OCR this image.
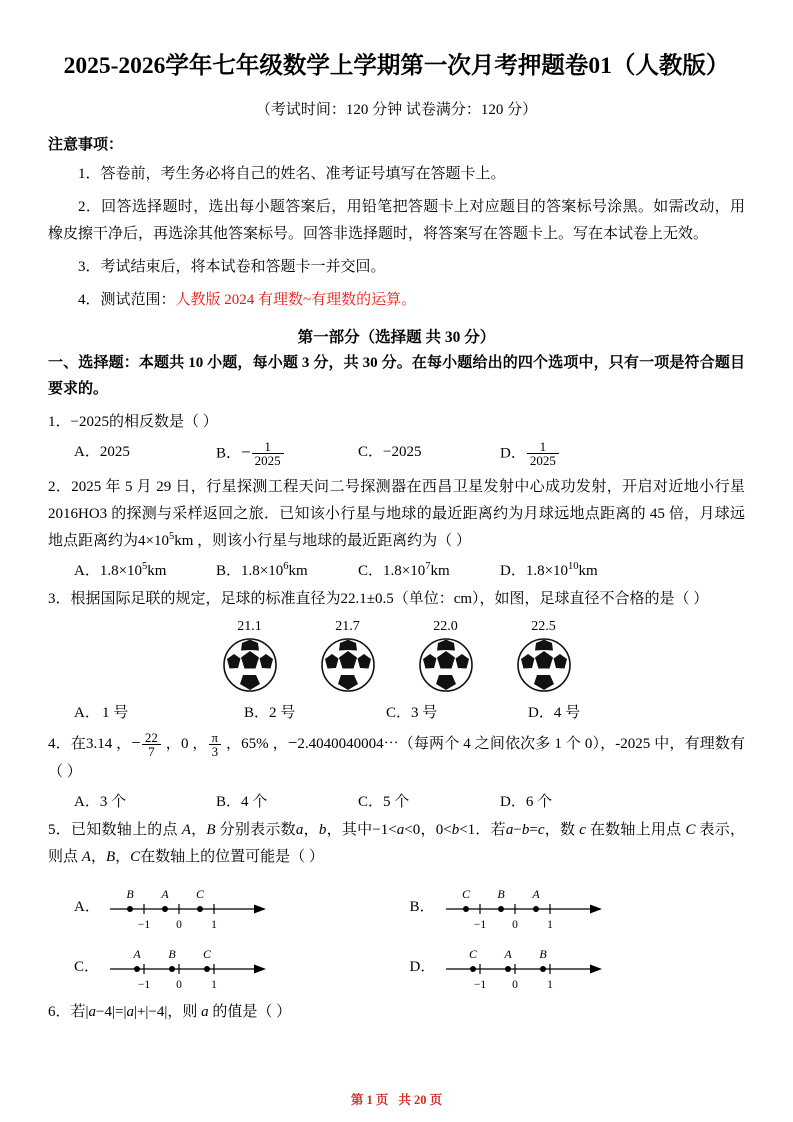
2025-2026学年七年级数学上学期第一次月考押题卷01（人教版）
（考试时间：120 分钟 试卷满分：120 分）
注意事项：
1．答卷前，考生务必将自己的姓名、准考证号填写在答题卡上。
2．回答选择题时，选出每小题答案后，用铅笔把答题卡上对应题目的答案标号涂黑。如需改动，用橡皮擦干净后，再选涂其他答案标号。回答非选择题时，将答案写在答题卡上。写在本试卷上无效。
3．考试结束后，将本试卷和答题卡一并交回。
4．测试范围：人教版 2024 有理数~有理数的运算。
第一部分（选择题 共 30 分）
一、选择题：本题共 10 小题，每小题 3 分，共 30 分。在每小题给出的四个选项中，只有一项是符合题目要求的。
1．−2025的相反数是（ ）
A．2025	B．− $\frac{1}{2025}$	C．−2025	D． $\frac{1}{2025}$
2．2025 年 5 月 29 日，行星探测工程天问二号探测器在西昌卫星发射中心成功发射，开启对近地小行星 2016HO3 的探测与采样返回之旅．已知该小行星与地球的最近距离约为月球远地点距离的 45 倍，月球远地点距离约为$4\times 10^5km$ ，则该小行星与地球的最近距离约为（ ）
A．$1.8\times 10^5km$	B．$1.8\times 10^6km$	C．$1.8\times 10^7km$	D．$1.8\times 10^{10}km$
3．根据国际足联的规定，足球的标准直径为22.1±0.5（单位：cm），如图，足球直径不合格的是（ ）
21.1	21.7	22.0	22.5
A． 1 号	B．2 号	C．3 号	D．4 号
4．在3.14 ，− $\frac{22}{7}$ ，0 ， $\frac{\pi}{3}$ ，65% ，−2.4040040004⋯（每两个 4 之间依次多 1 个 0），-2025 中，有理数有（ ）
A．3 个	B．4 个	C．5 个	D．6 个
5．已知数轴上的点 A，B 分别表示数a，b，其中−1<a<0，0<b<1．若a−b=c，数 c 在数轴上用点 C 表示，则点 A，B，C在数轴上的位置可能是（ ）
A．
B A C
−1 0	1
B．
C B A
−1 0	1
C．
A B C
−1 0	1
D．
C A B
−1 0	1
6．若|a−4|=|a|+|−4|，则 a 的值是（ ）
第 1 页 共 20 页
